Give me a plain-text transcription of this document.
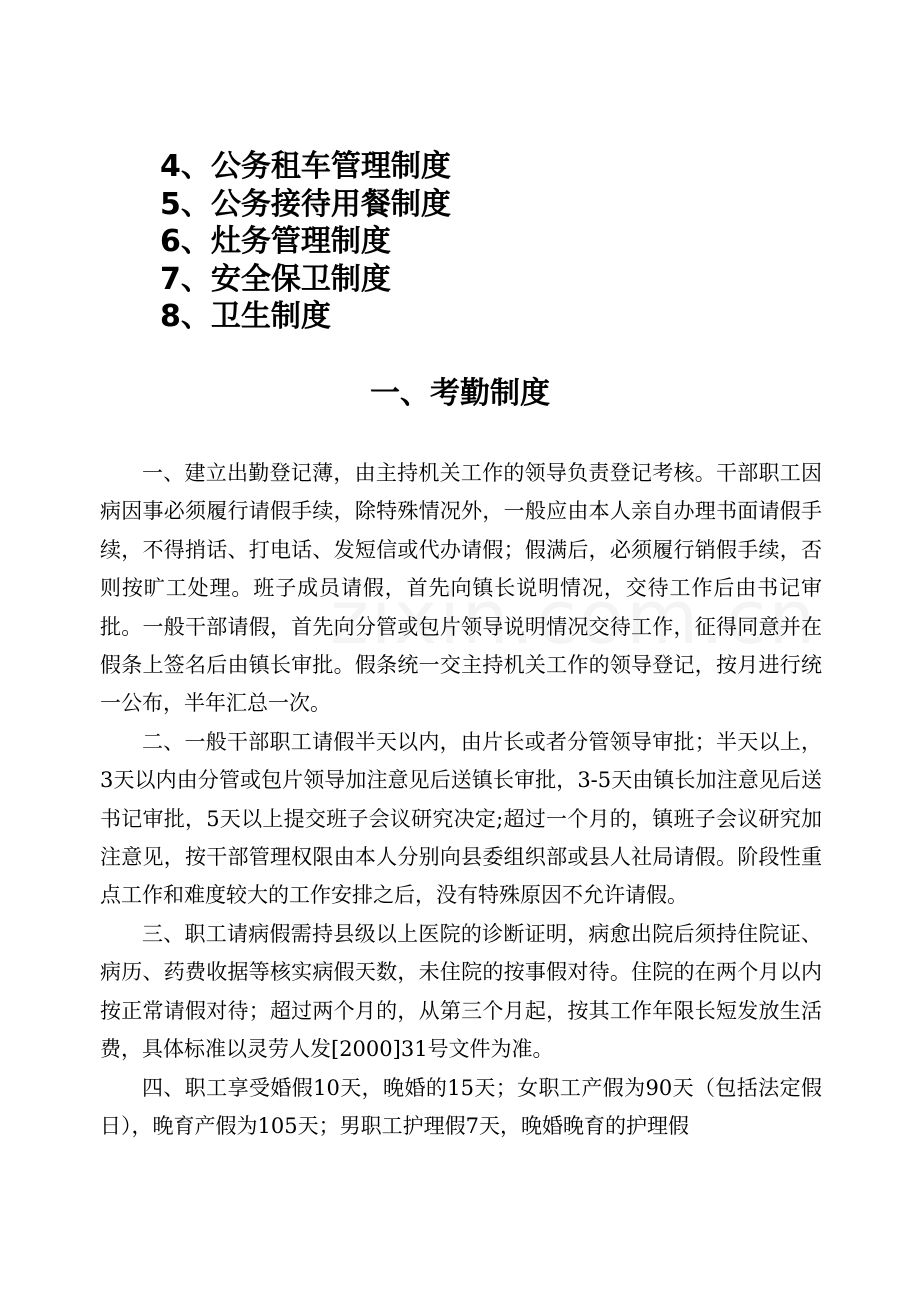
4、公务租车管理制度
5、公务接待用餐制度
6、灶务管理制度
7、安全保卫制度
8、卫生制度
一、考勤制度

一、建立出勤登记薄，由主持机关工作的领导负责登记考核。干部职工因病因事必须履行请假手续，除特殊情况外，一般应由本人亲自办理书面请假手续，不得捎话、打电话、发短信或代办请假；假满后，必须履行销假手续，否则按旷工处理。班子成员请假，首先向镇长说明情况，交待工作后由书记审批。一般干部请假，首先向分管或包片领导说明情况交待工作，征得同意并在假条上签名后由镇长审批。假条统一交主持机关工作的领导登记，按月进行统一公布，半年汇总一次。

二、一般干部职工请假半天以内，由片长或者分管领导审批；半天以上，3天以内由分管或包片领导加注意见后送镇长审批，3-5天由镇长加注意见后送书记审批，5天以上提交班子会议研究决定;超过一个月的，镇班子会议研究加注意见，按干部管理权限由本人分别向县委组织部或县人社局请假。阶段性重点工作和难度较大的工作安排之后，没有特殊原因不允许请假。

三、职工请病假需持县级以上医院的诊断证明，病愈出院后须持住院证、病历、药费收据等核实病假天数，未住院的按事假对待。住院的在两个月以内按正常请假对待；超过两个月的，从第三个月起，按其工作年限长短发放生活费，具体标准以灵劳人发[2000]31号文件为准。

四、职工享受婚假10天，晚婚的15天；女职工产假为90天（包括法定假日），晚育产假为105天；男职工护理假7天，晚婚晚育的护理假
